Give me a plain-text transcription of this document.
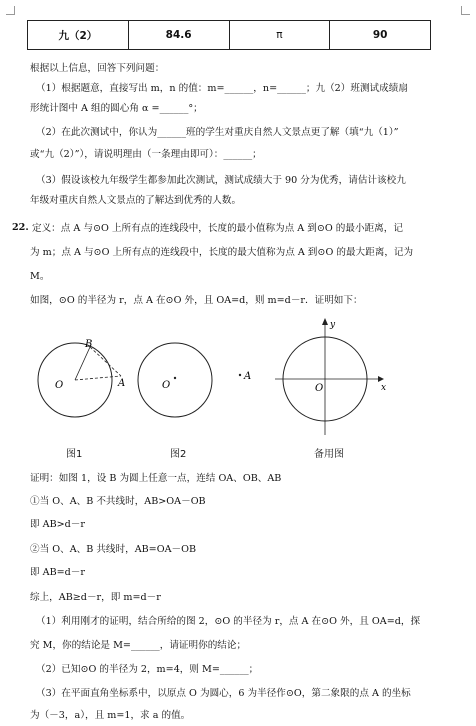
九（2）	84.6	π	90
根据以上信息，回答下列问题：
（1）根据题意，直接写出 m，n 的值：m=______，n=______；九（2）班测试成绩扇
形统计图中 A 组的圆心角 α =______°；
（2）在此次测试中，你认为______班的学生对重庆自然人文景点更了解（填“九（1）”
或“九（2）”），请说明理由（一条理由即可）：______；
（3）假设该校九年级学生都参加此次测试，测试成绩大于 90 分为优秀，请估计该校九
年级对重庆自然人文景点的了解达到优秀的人数。
22. 定义：点 A 与⊙O 上所有点的连线段中，长度的最小值称为点 A 到⊙O 的最小距离，记
为 m；点 A 与⊙O 上所有点的连线段中，长度的最大值称为点 A 到⊙O 的最大距离，记为
M。
如图，⊙O 的半径为 r，点 A 在⊙O 外，且 OA=d，则 m=d－r．证明如下：
B
O	A
图1
O
图2
A
x
y
O
备用图
证明：如图 1，设 B 为圆上任意一点，连结 OA、OB、AB
①当 O、A、B 不共线时，AB>OA－OB
即 AB>d－r
②当 O、A、B 共线时，AB=OA－OB
即 AB=d－r
综上，AB≥d－r，即 m=d－r
（1）利用刚才的证明，结合所给的图 2，⊙O 的半径为 r，点 A 在⊙O 外，且 OA=d，探
究 M，你的结论是 M=______，请证明你的结论；
（2）已知⊙O 的半径为 2，m=4，则 M=______；
（3）在平面直角坐标系中，以原点 O 为圆心，6 为半径作⊙O，第二象限的点 A 的坐标
为（－3，a），且 m=1，求 a 的值。
